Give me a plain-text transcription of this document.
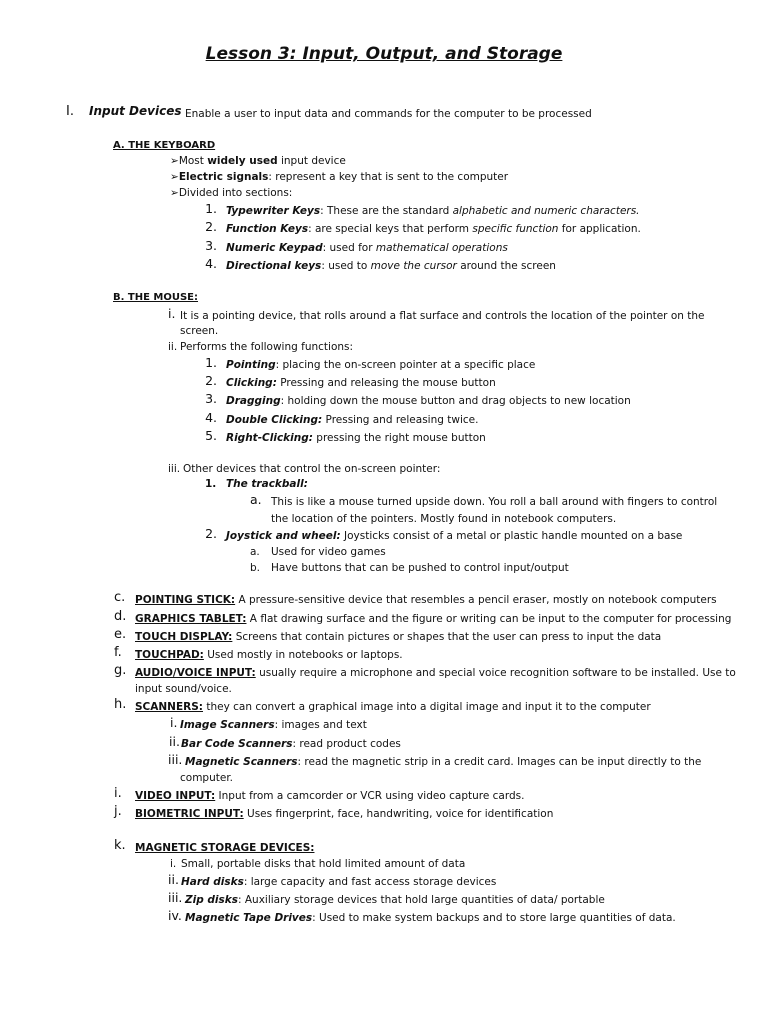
Lesson 3: Input, Output, and Storage
I. Input Devices Enable a user to input data and commands for the computer to be processed
A. THE KEYBOARD
➢Most widely used input device
➢Electric signals: represent a key that is sent to the computer
➢Divided into sections:
1. Typewriter Keys: These are the standard alphabetic and numeric characters.
2. Function Keys: are special keys that perform specific function for application.
3. Numeric Keypad: used for mathematical operations
4. Directional keys: used to move the cursor around the screen
B. THE MOUSE:
i. It is a pointing device, that rolls around a flat surface and controls the location of the pointer on the
screen.
ii. Performs the following functions:
1. Pointing: placing the on-screen pointer at a specific place
2. Clicking: Pressing and releasing the mouse button
3. Dragging: holding down the mouse button and drag objects to new location
4. Double Clicking: Pressing and releasing twice.
5. Right-Clicking: pressing the right mouse button
iii. Other devices that control the on-screen pointer:
1. The trackball:
a. This is like a mouse turned upside down. You roll a ball around with fingers to control
the location of the pointers. Mostly found in notebook computers.
2. Joystick and wheel: Joysticks consist of a metal or plastic handle mounted on a base
a. Used for video games
b. Have buttons that can be pushed to control input/output
c. POINTING STICK: A pressure-sensitive device that resembles a pencil eraser, mostly on notebook computers
d. GRAPHICS TABLET: A flat drawing surface and the figure or writing can be input to the computer for processing
e. TOUCH DISPLAY: Screens that contain pictures or shapes that the user can press to input the data
f. TOUCHPAD: Used mostly in notebooks or laptops.
g. AUDIO/VOICE INPUT: usually require a microphone and special voice recognition software to be installed. Use to
input sound/voice.
h. SCANNERS: they can convert a graphical image into a digital image and input it to the computer
i. Image Scanners: images and text
ii. Bar Code Scanners: read product codes
iii. Magnetic Scanners: read the magnetic strip in a credit card. Images can be input directly to the
computer.
i. VIDEO INPUT: Input from a camcorder or VCR using video capture cards.
j. BIOMETRIC INPUT: Uses fingerprint, face, handwriting, voice for identification
k. MAGNETIC STORAGE DEVICES:
i. Small, portable disks that hold limited amount of data
ii. Hard disks: large capacity and fast access storage devices
iii. Zip disks: Auxiliary storage devices that hold large quantities of data/ portable
iv. Magnetic Tape Drives: Used to make system backups and to store large quantities of data.
